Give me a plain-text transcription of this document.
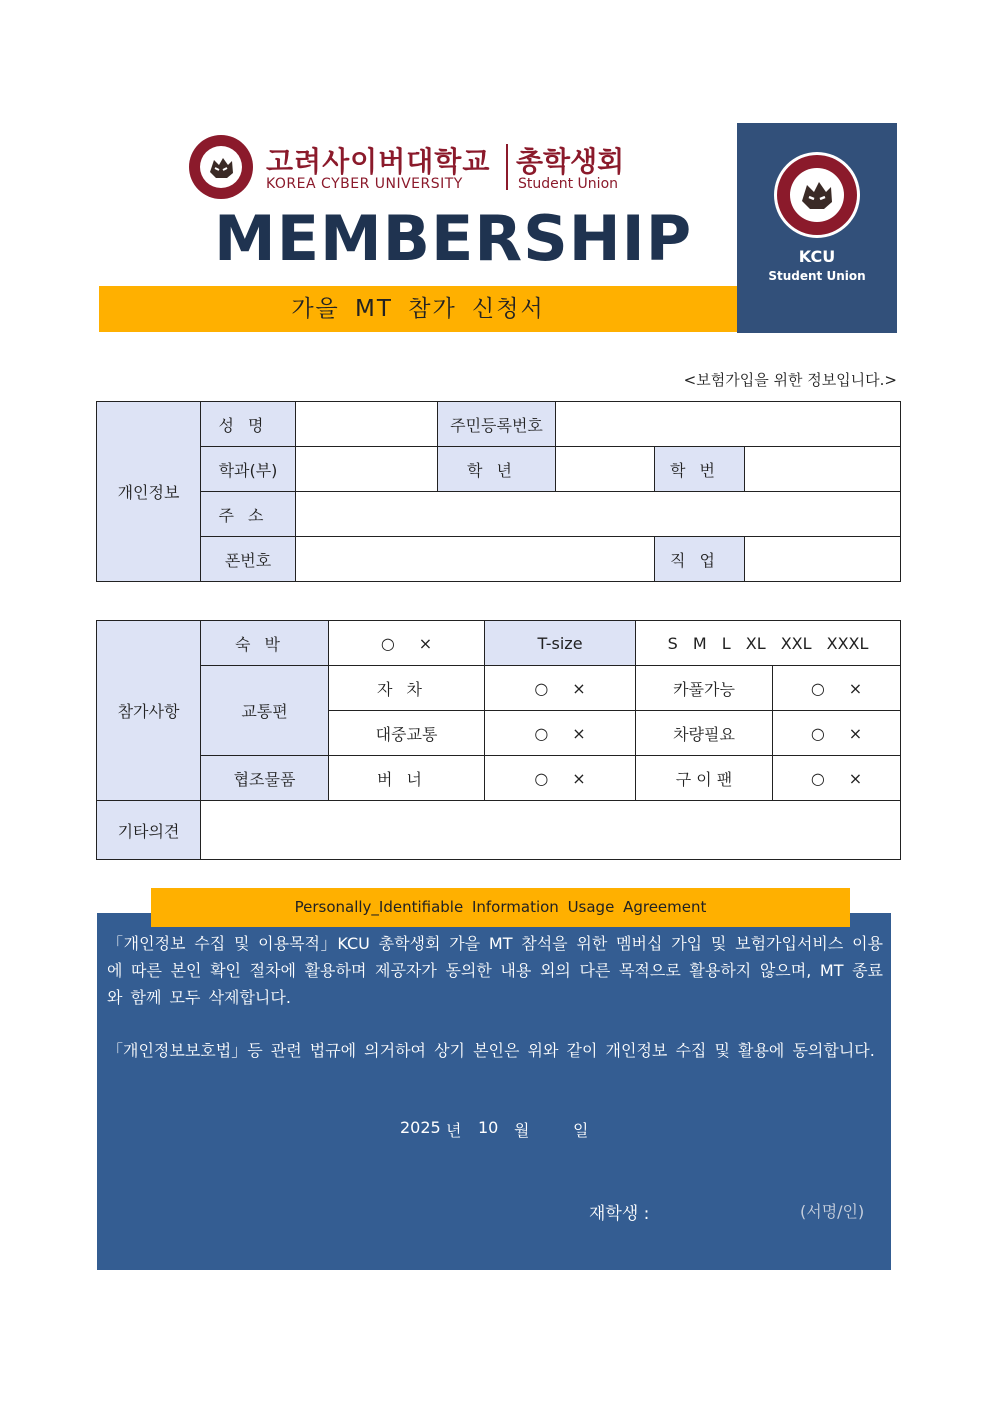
고려사이버대학교
KOREA CYBER UNIVERSITY
총학생회
Student Union
MEMBERSHIP
가을 MT 참가 신청서
KCU
Student Union
<보험가입을 위한 정보입니다.>
개인정보	성명		주민등록번호			
	학과(부)		학년		학번	
	주소					
	폰번호				직업	
참가사항	숙박	○ ×	T-size	S M L XL XXL XXXL	
	교통편	자차	○ ×	카풀가능	○ ×
		대중교통	○ ×	차량필요	○ ×
	협조물품	버너	○ ×	구 이 팬	○ ×
기타의견					
Personally_Identifiable Information Usage Agreement
「개인정보 수집 및 이용목적」KCU 총학생회 가을 MT 참석을 위한 멤버십 가입 및 보험가입서비스 이용에 따른 본인 확인 절차에 활용하며 제공자가 동의한 내용 외의 다른 목적으로 활용하지 않으며, MT 종료와 함께 모두 삭제합니다.
「개인정보보호법」등 관련 법규에 의거하여 상기 본인은 위와 같이 개인정보 수집 및 활용에 동의합니다.
2025 년 10 월	일
재학생 :	(서명/인)
